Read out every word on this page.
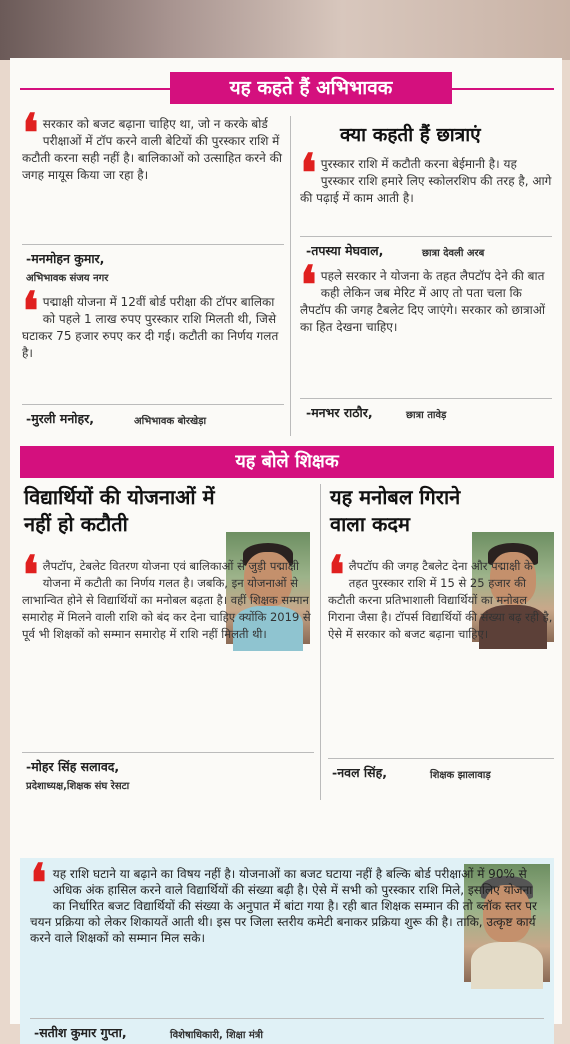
यह कहते हैं अभिभावक
❛ सरकार को बजट बढ़ाना चाहिए था, जो न करके बोर्ड परीक्षाओं में टॉप करने वाली बेटियों की पुरस्कार राशि में कटौती करना सही नहीं है। बालिकाओं को उत्साहित करने की जगह मायूस किया जा रहा है।
-मनमोहन कुमार,
अभिभावक संजय नगर
❛ पद्माक्षी योजना में 12वीं बोर्ड परीक्षा की टॉपर बालिका को पहले 1 लाख रुपए पुरस्कार राशि मिलती थी, जिसे घटाकर 75 हजार रुपए कर दी गई। कटौती का निर्णय गलत है।
-मुरली मनोहर,	अभिभावक बोरखेड़ा
क्या कहती हैं छात्राएं
❛ पुरस्कार राशि में कटौती करना बेईमानी है। यह पुरस्कार राशि हमारे लिए स्कोलरशिप की तरह है, आगे की पढ़ाई में काम आती है।
-तपस्या मेघवाल,	छात्रा देवली अरब
❛ पहले सरकार ने योजना के तहत लैपटॉप देने की बात कही लेकिन जब मेरिट में आए तो पता चला कि लैपटॉप की जगह टैबलेट दिए जाएंगे। सरकार को छात्राओं का हित देखना चाहिए।
-मनभर राठौर,	छात्रा तावेड़
यह बोले शिक्षक
विद्यार्थियों की योजनाओं में नहीं हो कटौती
❛ लैपटॉप, टेबलेट वितरण योजना एवं बालिकाओं से जुड़ी पद्माक्षी योजना में कटौती का निर्णय गलत है। जबकि, इन योजनाओं से लाभान्वित होने से विद्यार्थियों का मनोबल बढ़ता है। वहीं शिक्षक सम्मान समारोह में मिलने वाली राशि को बंद कर देना चाहिए क्योंकि 2019 से पूर्व भी शिक्षकों को सम्मान समारोह में राशि नहीं मिलती थी।
-मोहर सिंह सलावद,
प्रदेशाध्यक्ष,शिक्षक संघ रेसटा
यह मनोबल गिराने वाला कदम
❛ लैपटॉप की जगह टैबलेट देना और पद्माक्षी के तहत पुरस्कार राशि में 15 से 25 हजार की कटौती करना प्रतिभाशाली विद्यार्थियों का मनोबल गिराना जैसा है। टॉपर्स विद्यार्थियों की संख्या बढ़ रही है, ऐसे में सरकार को बजट बढ़ाना चाहिए।
-नवल सिंह,	शिक्षक झालावाड़
❛ यह राशि घटाने या बढ़ाने का विषय नहीं है। योजनाओं का बजट घटाया नहीं है बल्कि बोर्ड परीक्षाओं में 90% से अधिक अंक हासिल करने वाले विद्यार्थियों की संख्या बढ़ी है। ऐसे में सभी को पुरस्कार राशि मिले, इसलिए योजना का निर्धारित बजट विद्यार्थियों की संख्या के अनुपात में बांटा गया है। रही बात शिक्षक सम्मान की तो ब्लॉक स्तर पर चयन प्रक्रिया को लेकर शिकायतें आती थी। इस पर जिला स्तरीय कमेटी बनाकर प्रक्रिया शुरू की है। ताकि, उत्कृष्ट कार्य करने वाले शिक्षकों को सम्मान मिल सके।
-सतीश कुमार गुप्ता,	विशेषाधिकारी, शिक्षा मंत्री
